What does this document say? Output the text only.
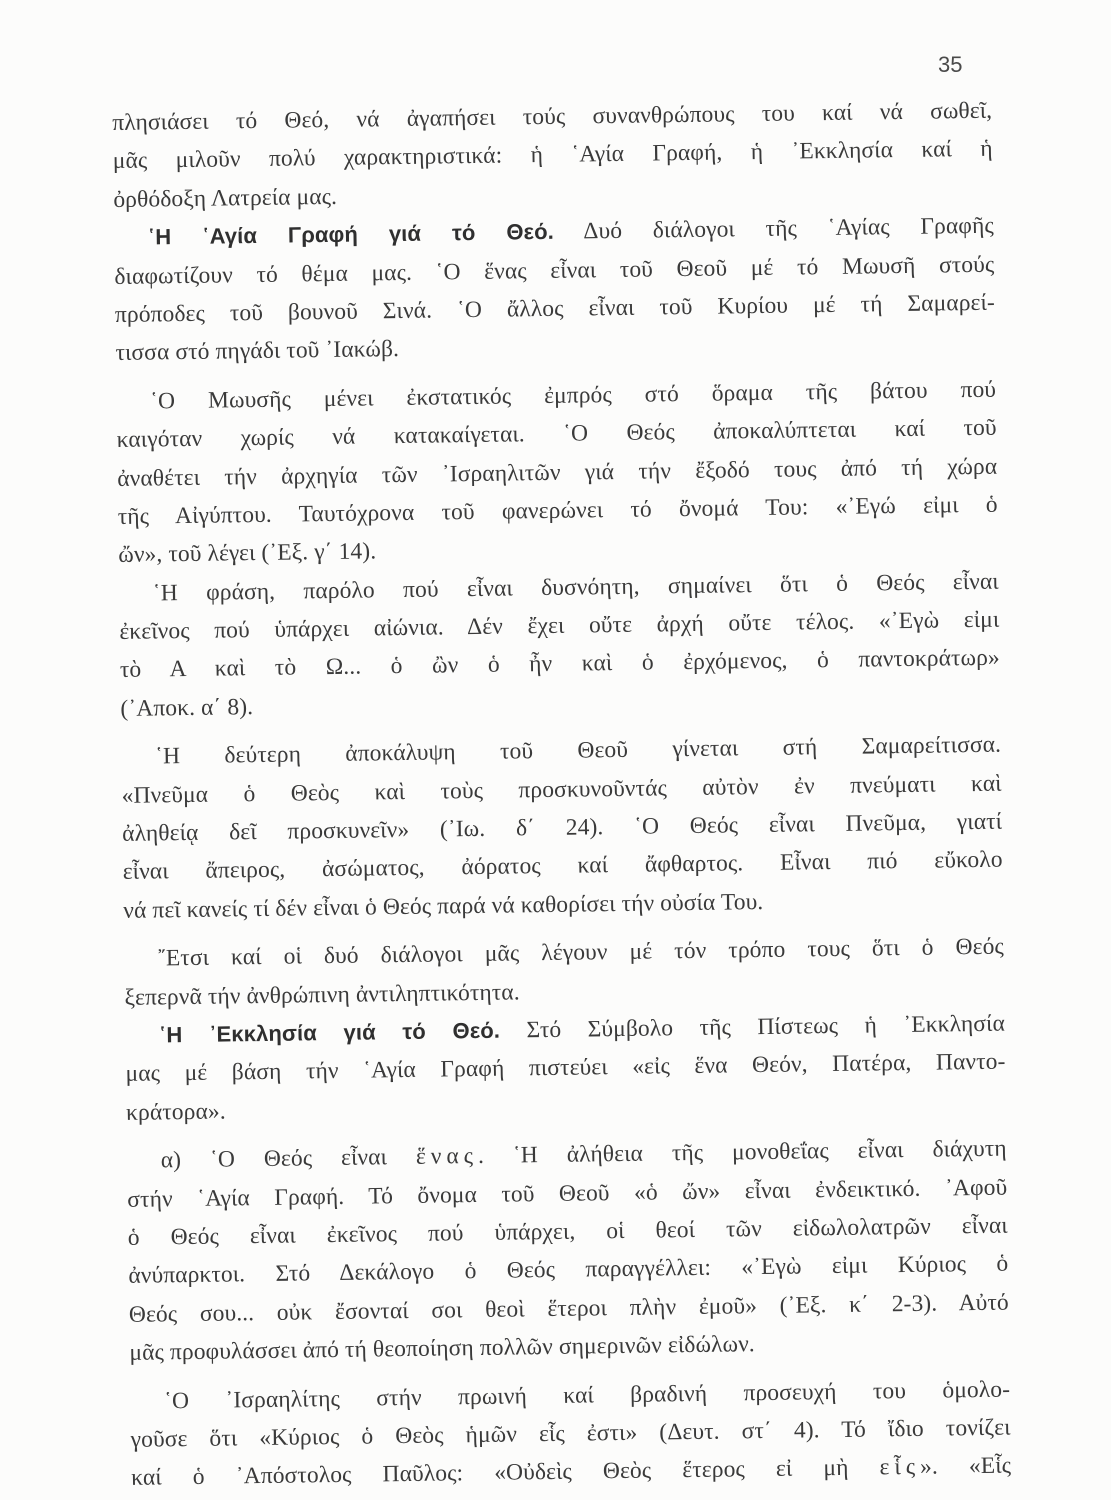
35
πλησιάσει τό Θεό, νά ἀγαπήσει τούς συνανθρώπους του καί νά σωθεῖ,
μᾶς μιλοῦν πολύ χαρακτηριστικά: ἡ ῾Αγία Γραφή, ἡ ᾿Εκκλησία καί ἡ
ὀρθόδοξη Λατρεία μας.
῾Η ῾Αγία Γραφή γιά τό Θεό. Δυό διάλογοι τῆς ῾Αγίας Γραφῆς
διαφωτίζουν τό θέμα μας. ῾Ο ἕνας εἶναι τοῦ Θεοῦ μέ τό Μωυσῆ στούς
πρόποδες τοῦ βουνοῦ Σινά. ῾Ο ἄλλος εἶναι τοῦ Κυρίου μέ τή Σαμαρεί-
τισσα στό πηγάδι τοῦ ᾿Ιακώβ.
῾Ο Μωυσῆς μένει ἐκστατικός ἐμπρός στό ὅραμα τῆς βάτου πού
καιγόταν χωρίς νά κατακαίγεται. ῾Ο Θεός ἀποκαλύπτεται καί τοῦ
ἀναθέτει τήν ἀρχηγία τῶν ᾿Ισραηλιτῶν γιά τήν ἔξοδό τους ἀπό τή χώρα
τῆς Αἰγύπτου. Ταυτόχρονα τοῦ φανερώνει τό ὄνομά Του: «᾿Εγώ εἰμι ὁ
ὤν», τοῦ λέγει (᾿Εξ. γ΄ 14).
῾Η φράση, παρόλο πού εἶναι δυσνόητη, σημαίνει ὅτι ὁ Θεός εἶναι
ἐκεῖνος πού ὑπάρχει αἰώνια. Δέν ἔχει οὔτε ἀρχή οὔτε τέλος. «᾿Εγὼ εἰμι
τὸ Α καὶ τὸ Ω... ὁ ὢν ὁ ἦν καὶ ὁ ἐρχόμενος, ὁ παντοκράτωρ»
(᾿Αποκ. α΄ 8).
῾Η δεύτερη ἀποκάλυψη τοῦ Θεοῦ γίνεται στή Σαμαρείτισσα.
«Πνεῦμα ὁ Θεὸς καὶ τοὺς προσκυνοῦντάς αὐτὸν ἐν πνεύματι καὶ
ἀληθείᾳ δεῖ προσκυνεῖν» (᾿Ιω. δ΄ 24). ῾Ο Θεός εἶναι Πνεῦμα, γιατί
εἶναι ἄπειρος, ἀσώματος, ἀόρατος καί ἄφθαρτος. Εἶναι πιό εὔκολο
νά πεῖ κανείς τί δέν εἶναι ὁ Θεός παρά νά καθορίσει τήν οὐσία Του.
῎Ετσι καί οἱ δυό διάλογοι μᾶς λέγουν μέ τόν τρόπο τους ὅτι ὁ Θεός
ξεπερνᾶ τήν ἀνθρώπινη ἀντιληπτικότητα.
῾Η ᾿Εκκλησία γιά τό Θεό. Στό Σύμβολο τῆς Πίστεως ἡ ᾿Εκκλησία
μας μέ βάση τήν ῾Αγία Γραφή πιστεύει «εἰς ἕνα Θεόν, Πατέρα, Παντο-
κράτορα».
α) ῾Ο Θεός εἶναι ἕνας. ῾Η ἀλήθεια τῆς μονοθεΐας εἶναι διάχυτη
στήν ῾Αγία Γραφή. Τό ὄνομα τοῦ Θεοῦ «ὁ ὤν» εἶναι ἐνδεικτικό. ᾿Αφοῦ
ὁ Θεός εἶναι ἐκεῖνος πού ὑπάρχει, οἱ θεοί τῶν εἰδωλολατρῶν εἶναι
ἀνύπαρκτοι. Στό Δεκάλογο ὁ Θεός παραγγέλλει: «᾿Εγὼ εἰμι Κύριος ὁ
Θεός σου... οὐκ ἔσονταί σοι θεοὶ ἕτεροι πλὴν ἐμοῦ» (᾿Εξ. κ΄ 2-3). Αὐτό
μᾶς προφυλάσσει ἀπό τή θεοποίηση πολλῶν σημερινῶν εἰδώλων.
῾Ο ᾿Ισραηλίτης στήν πρωινή καί βραδινή προσευχή του ὁμολο-
γοῦσε ὅτι «Κύριος ὁ Θεὸς ἡμῶν εἷς ἐστι» (Δευτ. στ΄ 4). Τό ἴδιο τονίζει
καί ὁ ᾿Απόστολος Παῦλος: «Οὐδεὶς Θεὸς ἕτερος εἰ μὴ εἷς». «Εἷς
